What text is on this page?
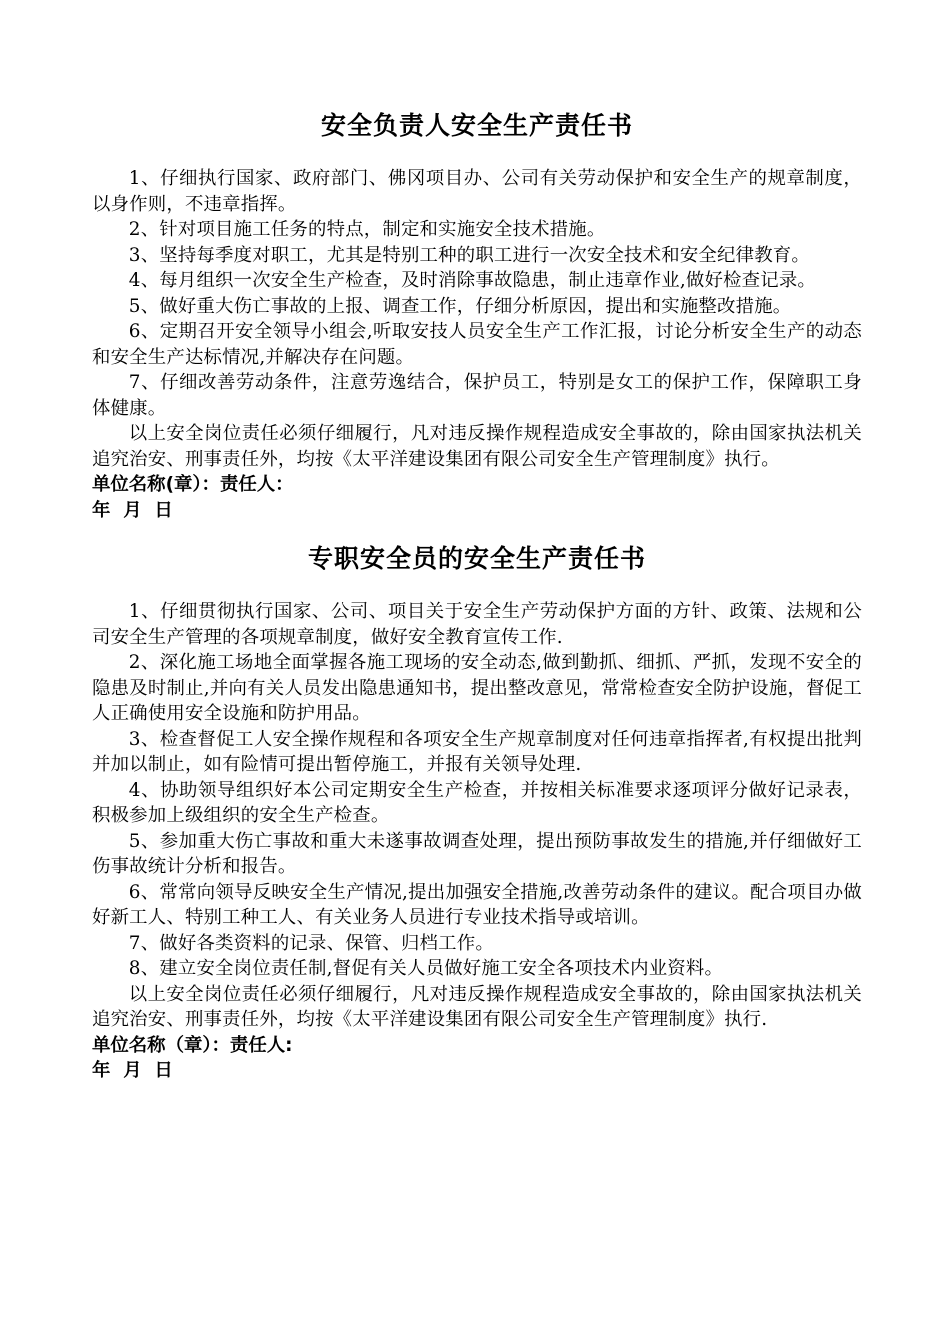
安全负责人安全生产责任书

1、仔细执行国家、政府部门、佛冈项目办、公司有关劳动保护和安全生产的规章制度，以身作则，不违章指挥。

2、针对项目施工任务的特点，制定和实施安全技术措施。

3、坚持每季度对职工，尤其是特别工种的职工进行一次安全技术和安全纪律教育。

4、每月组织一次安全生产检查，及时消除事故隐患，制止违章作业,做好检查记录。

5、做好重大伤亡事故的上报、调查工作，仔细分析原因，提出和实施整改措施。

6、定期召开安全领导小组会,听取安技人员安全生产工作汇报，讨论分析安全生产的动态和安全生产达标情况,并解决存在问题。

7、仔细改善劳动条件，注意劳逸结合，保护员工，特别是女工的保护工作，保障职工身体健康。

以上安全岗位责任必须仔细履行，凡对违反操作规程造成安全事故的，除由国家执法机关追究治安、刑事责任外，均按《太平洋建设集团有限公司安全生产管理制度》执行。

单位名称(章）：责任人：

年  月  日

专职安全员的安全生产责任书

1、仔细贯彻执行国家、公司、项目关于安全生产劳动保护方面的方针、政策、法规和公司安全生产管理的各项规章制度，做好安全教育宣传工作.

2、深化施工场地全面掌握各施工现场的安全动态,做到勤抓、细抓、严抓，发现不安全的隐患及时制止,并向有关人员发出隐患通知书，提出整改意见，常常检查安全防护设施，督促工人正确使用安全设施和防护用品。

3、检查督促工人安全操作规程和各项安全生产规章制度对任何违章指挥者,有权提出批判并加以制止，如有险情可提出暂停施工，并报有关领导处理.

4、协助领导组织好本公司定期安全生产检查，并按相关标准要求逐项评分做好记录表，积极参加上级组织的安全生产检查。

5、参加重大伤亡事故和重大未遂事故调查处理，提出预防事故发生的措施,并仔细做好工伤事故统计分析和报告。

6、常常向领导反映安全生产情况,提出加强安全措施,改善劳动条件的建议。配合项目办做好新工人、特别工种工人、有关业务人员进行专业技术指导或培训。

7、做好各类资料的记录、保管、归档工作。

8、建立安全岗位责任制,督促有关人员做好施工安全各项技术内业资料。

以上安全岗位责任必须仔细履行，凡对违反操作规程造成安全事故的，除由国家执法机关追究治安、刑事责任外，均按《太平洋建设集团有限公司安全生产管理制度》执行.

单位名称（章）：责任人:

年  月  日
